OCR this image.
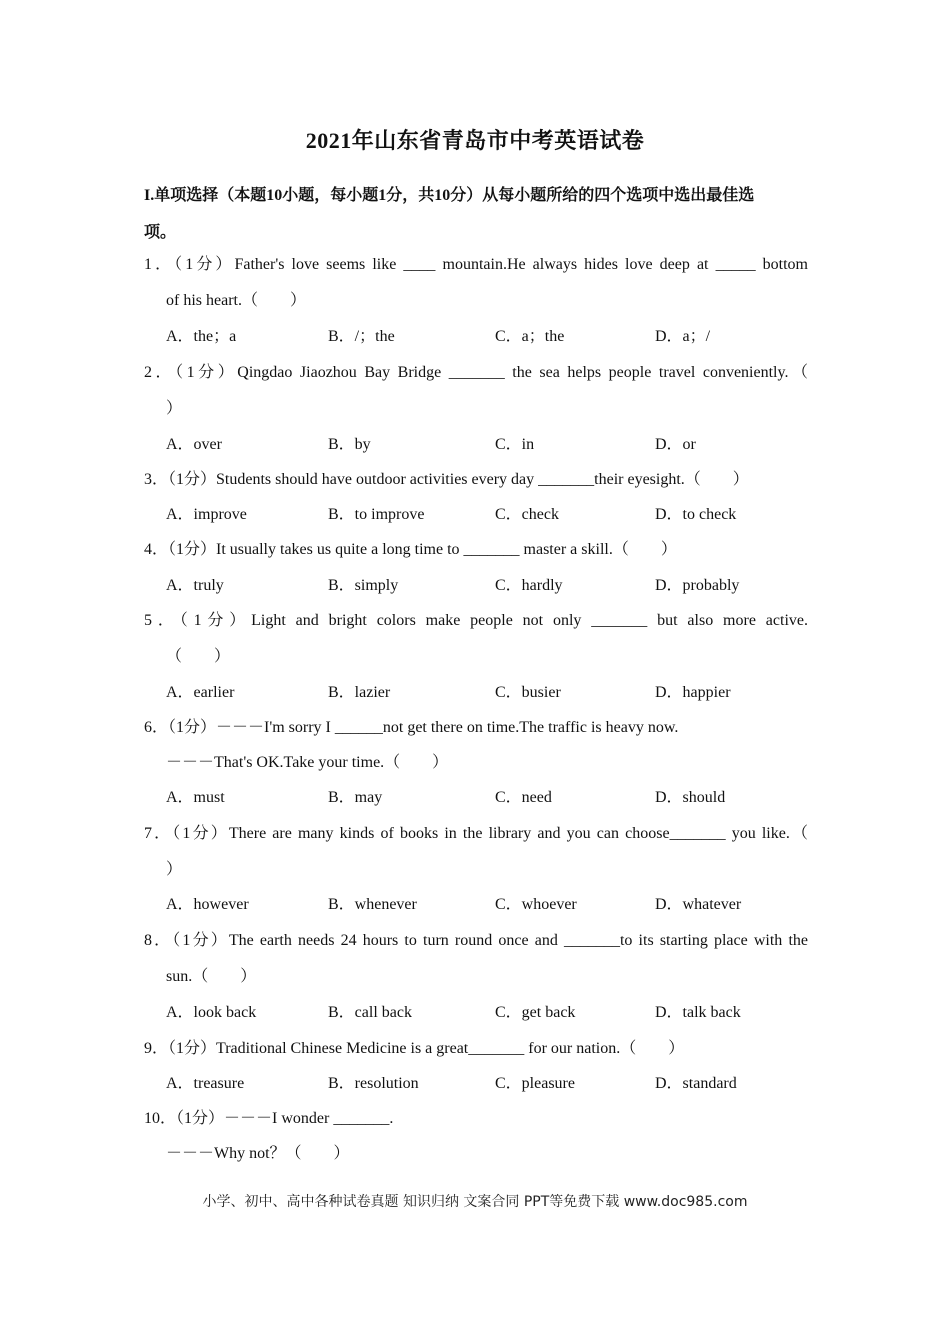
2021年山东省青岛市中考英语试卷
I.单项选择（本题10小题，每小题1分，共10分）从每小题所给的四个选项中选出最佳选
项。
1．（1分）Father's love seems like ____ mountain.He always hides love deep at _____ bottom
of his heart.（　　）
A．the；a	B．/；the	C．a；the	D．a；/
2．（1分）Qingdao Jiaozhou Bay Bridge _______ the sea helps people travel conveniently.（
）
A．over	B．by	C．in	D．or
3．（1分）Students should have outdoor activities every day _______their eyesight.（　　）
A．improve	B．to improve	C．check	D．to check
4．（1分）It usually takes us quite a long time to _______ master a skill.（　　）
A．truly	B．simply	C．hardly	D．probably
5．（1分）Light and bright colors make people not only _______ but also more active.
（　　）
A．earlier	B．lazier	C．busier	D．happier
6．（1分）－－－I'm sorry I ______not get there on time.The traffic is heavy now.
－－－That's OK.Take your time.（　　）
A．must	B．may	C．need	D．should
7．（1分）There are many kinds of books in the library and you can choose_______ you like.（
）
A．however	B．whenever	C．whoever	D．whatever
8．（1分）The earth needs 24 hours to turn round once and _______to its starting place with the
sun.（　　）
A．look back	B．call back	C．get back	D．talk back
9．（1分）Traditional Chinese Medicine is a great_______ for our nation.（　　）
A．treasure	B．resolution	C．pleasure	D．standard
10．（1分）－－－I wonder _______.
－－－Why not？（　　）
小学、初中、高中各种试卷真题 知识归纳 文案合同 PPT等免费下载 www.doc985.com
